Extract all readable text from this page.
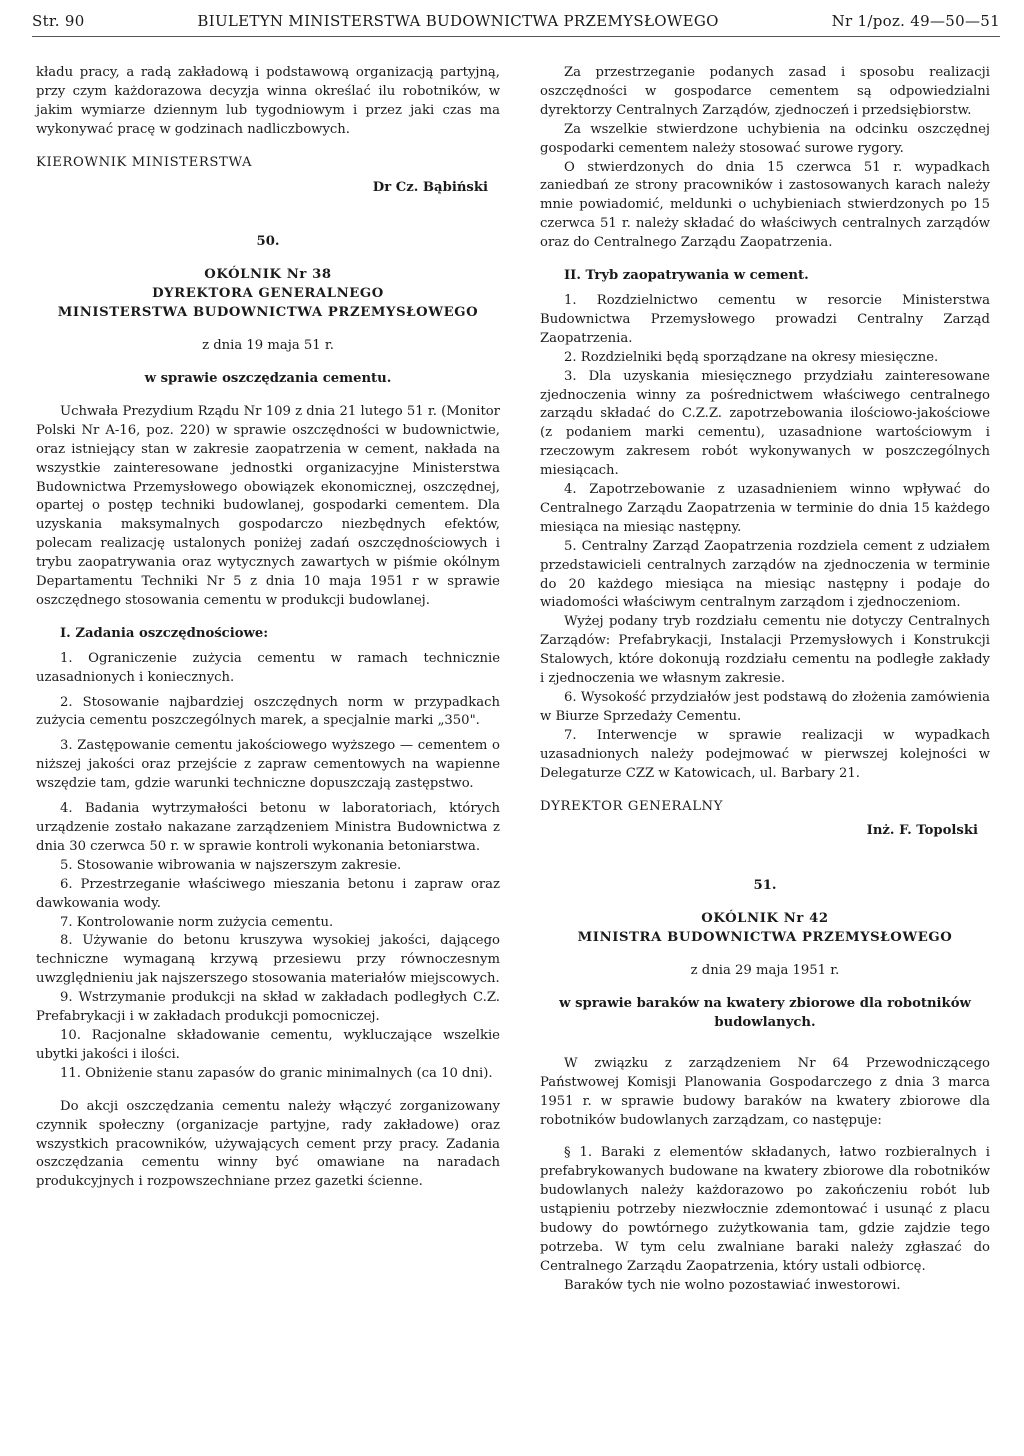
Str. 90	BIULETYN MINISTERSTWA BUDOWNICTWA PRZEMYSŁOWEGO	Nr 1/poz. 49—50—51

kładu pracy, a radą zakładową i podstawową organizacją partyjną, przy czym każdorazowa decyzja winna określać ilu robotników, w jakim wymiarze dziennym lub tygodniowym i przez jaki czas ma wykonywać pracę w godzinach nadliczbowych.

KIEROWNIK MINISTERSTWA

Dr Cz. Bąbiński

50.

OKÓLNIK Nr 38

DYREKTORA GENERALNEGO

MINISTERSTWA BUDOWNICTWA PRZEMYSŁOWEGO

z dnia 19 maja 51 r.

w sprawie oszczędzania cementu.

Uchwała Prezydium Rządu Nr 109 z dnia 21 lutego 51 r. (Monitor Polski Nr A-16, poz. 220) w sprawie oszczędności w budownictwie, oraz istniejący stan w zakresie zaopatrzenia w cement, nakłada na wszystkie zainteresowane jednostki organizacyjne Ministerstwa Budownictwa Przemysłowego obowiązek ekonomicznej, oszczędnej, opartej o postęp techniki budowlanej, gospodarki cementem. Dla uzyskania maksymalnych gospodarczo niezbędnych efektów, polecam realizację ustalonych poniżej zadań oszczędnościowych i trybu zaopatrywania oraz wytycznych zawartych w piśmie okólnym Departamentu Techniki Nr 5 z dnia 10 maja 1951 r w sprawie oszczędnego stosowania cementu w produkcji budowlanej.

I. Zadania oszczędnościowe:

1. Ograniczenie zużycia cementu w ramach technicznie uzasadnionych i koniecznych.

2. Stosowanie najbardziej oszczędnych norm w przypadkach zużycia cementu poszczególnych marek, a specjalnie marki „350".

3. Zastępowanie cementu jakościowego wyższego — cementem o niższej jakości oraz przejście z zapraw cementowych na wapienne wszędzie tam, gdzie warunki techniczne dopuszczają zastępstwo.

4. Badania wytrzymałości betonu w laboratoriach, których urządzenie zostało nakazane zarządzeniem Ministra Budownictwa z dnia 30 czerwca 50 r. w sprawie kontroli wykonania betoniarstwa.

5. Stosowanie wibrowania w najszerszym zakresie.

6. Przestrzeganie właściwego mieszania betonu i zapraw oraz dawkowania wody.

7. Kontrolowanie norm zużycia cementu.

8. Używanie do betonu kruszywa wysokiej jakości, dającego techniczne wymaganą krzywą przesiewu przy równoczesnym uwzględnieniu jak najszerszego stosowania materiałów miejscowych.

9. Wstrzymanie produkcji na skład w zakładach podległych C.Z. Prefabrykacji i w zakładach produkcji pomocniczej.

10. Racjonalne składowanie cementu, wykluczające wszelkie ubytki jakości i ilości.

11. Obniżenie stanu zapasów do granic minimalnych (ca 10 dni).

Do akcji oszczędzania cementu należy włączyć zorganizowany czynnik społeczny (organizacje partyjne, rady zakładowe) oraz wszystkich pracowników, używających cement przy pracy. Zadania oszczędzania cementu winny być omawiane na naradach produkcyjnych i rozpowszechniane przez gazetki ścienne.

Za przestrzeganie podanych zasad i sposobu realizacji oszczędności w gospodarce cementem są odpowiedzialni dyrektorzy Centralnych Zarządów, zjednoczeń i przedsiębiorstw.

Za wszelkie stwierdzone uchybienia na odcinku oszczędnej gospodarki cementem należy stosować surowe rygory.

O stwierdzonych do dnia 15 czerwca 51 r. wypadkach zaniedbań ze strony pracowników i zastosowanych karach należy mnie powiadomić, meldunki o uchybieniach stwierdzonych po 15 czerwca 51 r. należy składać do właściwych centralnych zarządów oraz do Centralnego Zarządu Zaopatrzenia.

II. Tryb zaopatrywania w cement.

1. Rozdzielnictwo cementu w resorcie Ministerstwa Budownictwa Przemysłowego prowadzi Centralny Zarząd Zaopatrzenia.

2. Rozdzielniki będą sporządzane na okresy miesięczne.

3. Dla uzyskania miesięcznego przydziału zainteresowane zjednoczenia winny za pośrednictwem właściwego centralnego zarządu składać do C.Z.Z. zapotrzebowania ilościowo-jakościowe (z podaniem marki cementu), uzasadnione wartościowym i rzeczowym zakresem robót wykonywanych w poszczególnych miesiącach.

4. Zapotrzebowanie z uzasadnieniem winno wpływać do Centralnego Zarządu Zaopatrzenia w terminie do dnia 15 każdego miesiąca na miesiąc następny.

5. Centralny Zarząd Zaopatrzenia rozdziela cement z udziałem przedstawicieli centralnych zarządów na zjednoczenia w terminie do 20 każdego miesiąca na miesiąc następny i podaje do wiadomości właściwym centralnym zarządom i zjednoczeniom.

Wyżej podany tryb rozdziału cementu nie dotyczy Centralnych Zarządów: Prefabrykacji, Instalacji Przemysłowych i Konstrukcji Stalowych, które dokonują rozdziału cementu na podległe zakłady i zjednoczenia we własnym zakresie.

6. Wysokość przydziałów jest podstawą do złożenia zamówienia w Biurze Sprzedaży Cementu.

7. Interwencje w sprawie realizacji w wypadkach uzasadnionych należy podejmować w pierwszej kolejności w Delegaturze CZZ w Katowicach, ul. Barbary 21.

DYREKTOR GENERALNY

Inż. F. Topolski

51.

OKÓLNIK Nr 42

MINISTRA BUDOWNICTWA PRZEMYSŁOWEGO

z dnia 29 maja 1951 r.

w sprawie baraków na kwatery zbiorowe dla robotników budowlanych.

W związku z zarządzeniem Nr 64 Przewodniczącego Państwowej Komisji Planowania Gospodarczego z dnia 3 marca 1951 r. w sprawie budowy baraków na kwatery zbiorowe dla robotników budowlanych zarządzam, co następuje:

§ 1. Baraki z elementów składanych, łatwo rozbieralnych i prefabrykowanych budowane na kwatery zbiorowe dla robotników budowlanych należy każdorazowo po zakończeniu robót lub ustąpieniu potrzeby niezwłocznie zdemontować i usunąć z placu budowy do powtórnego zużytkowania tam, gdzie zajdzie tego potrzeba. W tym celu zwalniane baraki należy zgłaszać do Centralnego Zarządu Zaopatrzenia, który ustali odbiorcę.

Baraków tych nie wolno pozostawiać inwestorowi.
